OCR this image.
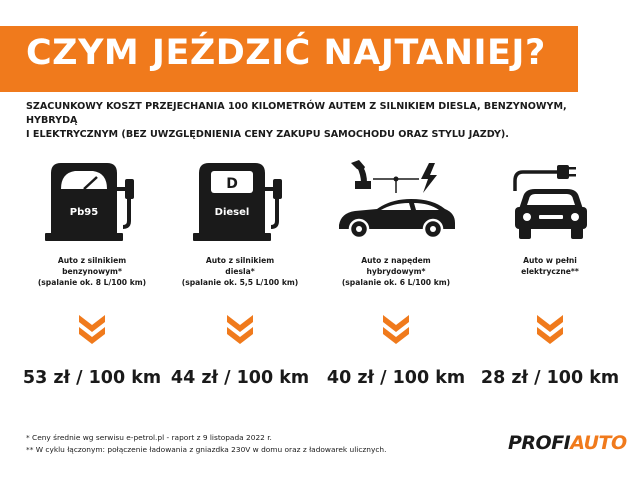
CZYM JEŹDZIĆ NAJTANIEJ?
SZACUNKOWY KOSZT PRZEJECHANIA 100 KILOMETRÓW AUTEM Z SILNIKIEM DIESLA, BENZYNOWYM, HYBRYDĄ
I ELEKTRYCZNYM (BEZ UWZGLĘDNIENIA CENY ZAKUPU SAMOCHODU ORAZ STYLU JAZDY).
Pb95
Auto z silnikiem
benzynowym*
(spalanie ok. 8 L/100 km)
53 zł / 100 km
D
Diesel
Auto z silnikiem
diesla*
(spalanie ok. 5,5 L/100 km)
44 zł / 100 km
Auto z napędem
hybrydowym*
(spalanie ok. 6 L/100 km)
40 zł / 100 km
Auto w pełni
elektryczne**
28 zł / 100 km
* Ceny średnie wg serwisu e-petrol.pl - raport z 9 listopada 2022 r.
** W cyklu łączonym: połączenie ładowania z gniazdka 230V w domu oraz z ładowarek ulicznych.	PROFIAUTO
